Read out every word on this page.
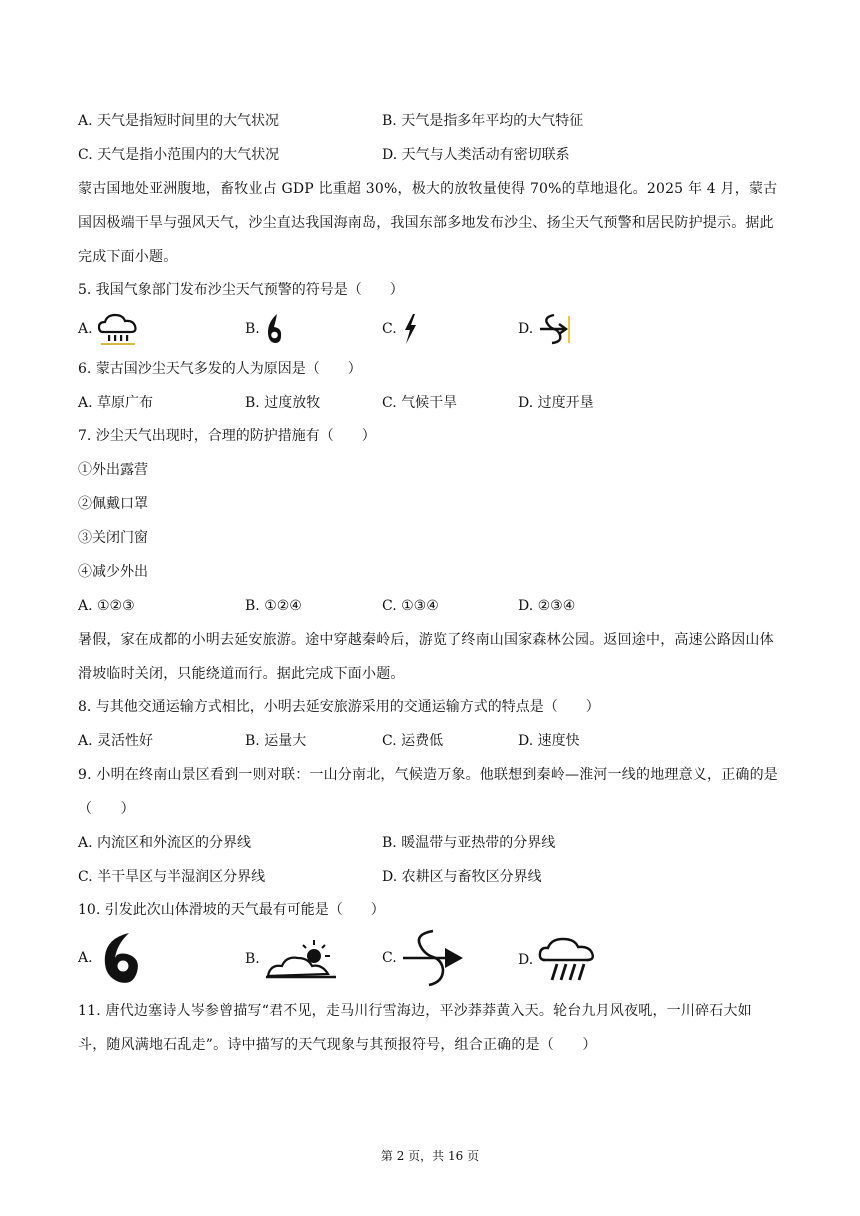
A. 天气是指短时间里的大气状况	B. 天气是指多年平均的大气特征
C. 天气是指小范围内的大气状况	D. 天气与人类活动有密切联系
蒙古国地处亚洲腹地，畜牧业占 GDP 比重超 30%，极大的放牧量使得 70%的草地退化。2025 年 4 月，蒙古国因极端干旱与强风天气，沙尘直达我国海南岛，我国东部多地发布沙尘、扬尘天气预警和居民防护提示。据此完成下面小题。
5. 我国气象部门发布沙尘天气预警的符号是（　　）
A.	B.	C.	D.
6. 蒙古国沙尘天气多发的人为原因是（　　）
A. 草原广布	B. 过度放牧	C. 气候干旱	D. 过度开垦
7. 沙尘天气出现时，合理的防护措施有（　　）
①外出露营
②佩戴口罩
③关闭门窗
④减少外出
A. ①②③	B. ①②④	C. ①③④	D. ②③④
暑假，家在成都的小明去延安旅游。途中穿越秦岭后，游览了终南山国家森林公园。返回途中，高速公路因山体滑坡临时关闭，只能绕道而行。据此完成下面小题。
8. 与其他交通运输方式相比，小明去延安旅游采用的交通运输方式的特点是（　　）
A. 灵活性好	B. 运量大	C. 运费低	D. 速度快
9. 小明在终南山景区看到一则对联：一山分南北，气候造万象。他联想到秦岭—淮河一线的地理意义，正确的是（　　）
A. 内流区和外流区的分界线	B. 暖温带与亚热带的分界线
C. 半干旱区与半湿润区分界线	D. 农耕区与畜牧区分界线
10. 引发此次山体滑坡的天气最有可能是（　　）
A.	B.	C.	D.
11. 唐代边塞诗人岑参曾描写“君不见，走马川行雪海边，平沙莽莽黄入天。轮台九月风夜吼，一川碎石大如斗，随风满地石乱走”。诗中描写的天气现象与其预报符号，组合正确的是（　　）
第 2 页，共 16 页
